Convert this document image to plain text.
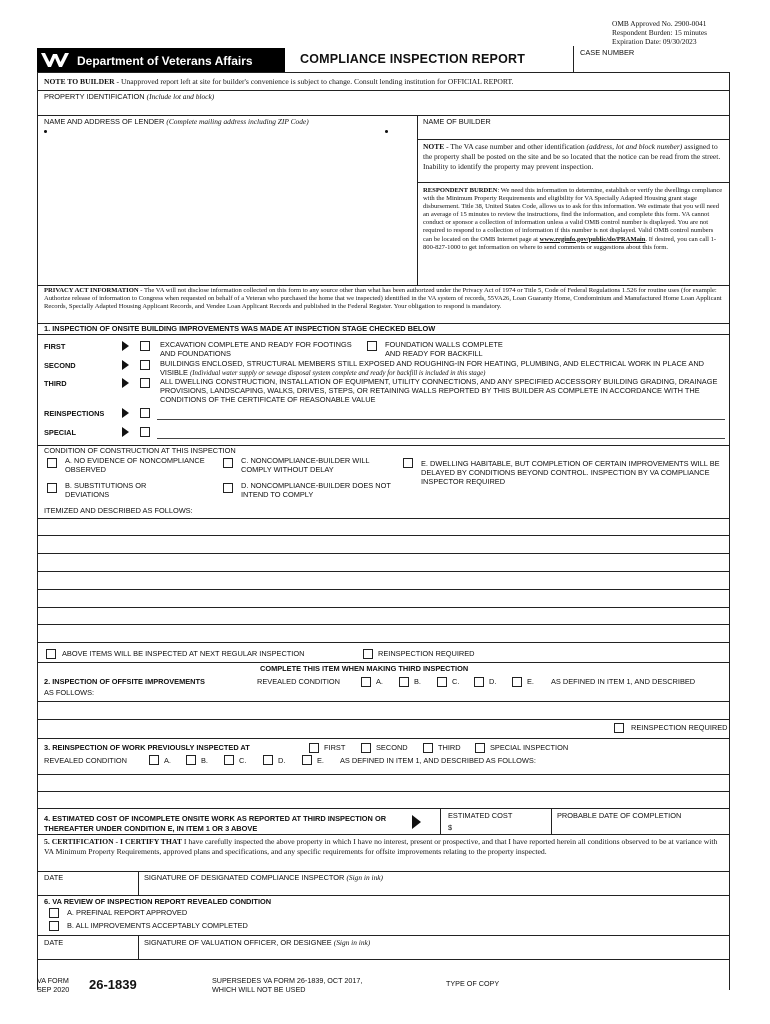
OMB Approved No. 2900-0041
Respondent Burden: 15 minutes
Expiration Date: 09/30/2023
Department of Veterans Affairs	COMPLIANCE INSPECTION REPORT	CASE NUMBER
NOTE TO BUILDER - Unapproved report left at site for builder's convenience is subject to change. Consult lending institution for OFFICIAL REPORT.
PROPERTY IDENTIFICATION (Include lot and block)
NAME AND ADDRESS OF LENDER (Complete mailing address including ZIP Code)	NAME OF BUILDER
NOTE - The VA case number and other identification (address, lot and block number) assigned to the property shall be posted on the site and be so located that the notice can be read from the street. Inability to identify the property may prevent inspection.
RESPONDENT BURDEN: We need this information to determine, establish or verify the dwellings compliance with the Minimum Property Requirements and eligibility for VA Specially Adapted Housing grant stage disbursement. Title 38, United States Code, allows us to ask for this information. We estimate that you will need an average of 15 minutes to review the instructions, find the information, and complete this form. VA cannot conduct or sponsor a collection of information unless a valid OMB control number is displayed. You are not required to respond to a collection of information if this number is not displayed. Valid OMB control numbers can be located on the OMB Internet page at www.reginfo.gov/public/do/PRAMain. If desired, you can call 1-800-827-1000 to get information on where to send comments or suggestions about this form.
PRIVACY ACT INFORMATION - The VA will not disclose information collected on this form to any source other than what has been authorized under the Privacy Act of 1974 or Title 5, Code of Federal Regulations 1.526 for routine uses (for example: Authorize release of information to Congress when requested on behalf of a Veteran who purchased the home that we inspected) identified in the VA system of records, 55VA26, Loan Guaranty Home, Condominium and Manufactured Home Loan Applicant Records, Specially Adapted Housing Applicant Records, and Vendee Loan Applicant Records and published in the Federal Register. Your obligation to respond is mandatory.
1. INSPECTION OF ONSITE BUILDING IMPROVEMENTS WAS MADE AT INSPECTION STAGE CHECKED BELOW
FIRST	EXCAVATION COMPLETE AND READY FOR FOOTINGS AND FOUNDATIONS
FOUNDATION WALLS COMPLETE AND READY FOR BACKFILL
SECOND	BUILDINGS ENCLOSED, STRUCTURAL MEMBERS STILL EXPOSED AND ROUGHING-IN FOR HEATING, PLUMBING, AND ELECTRICAL WORK IN PLACE AND VISIBLE (Individual water supply or sewage disposal system complete and ready for backfill is included in this stage)
THIRD	ALL DWELLING CONSTRUCTION, INSTALLATION OF EQUIPMENT, UTILITY CONNECTIONS, AND ANY SPECIFIED ACCESSORY BUILDING GRADING, DRAINAGE PROVISIONS, LANDSCAPING, WALKS, DRIVES, STEPS, OR RETAINING WALLS REPORTED BY THIS BUILDER AS COMPLETE IN ACCORDANCE WITH THE CONDITIONS OF THE CERTIFICATE OF REASONABLE VALUE
REINSPECTIONS
SPECIAL
CONDITION OF CONSTRUCTION AT THIS INSPECTION
A. NO EVIDENCE OF NONCOMPLIANCE OBSERVED
C. NONCOMPLIANCE-BUILDER WILL COMPLY WITHOUT DELAY
E. DWELLING HABITABLE, BUT COMPLETION OF CERTAIN IMPROVEMENTS WILL BE DELAYED BY CONDITIONS BEYOND CONTROL. INSPECTION BY VA COMPLIANCE INSPECTOR REQUIRED
B. SUBSTITUTIONS OR DEVIATIONS
D. NONCOMPLIANCE-BUILDER DOES NOT INTEND TO COMPLY
ITEMIZED AND DESCRIBED AS FOLLOWS:
ABOVE ITEMS WILL BE INSPECTED AT NEXT REGULAR INSPECTION	REINSPECTION REQUIRED
COMPLETE THIS ITEM WHEN MAKING THIRD INSPECTION
2. INSPECTION OF OFFSITE IMPROVEMENTS	REVEALED CONDITION	A.	B.	C.	D.	E. AS DEFINED IN ITEM 1, AND DESCRIBED
AS FOLLOWS:
REINSPECTION REQUIRED
3. REINSPECTION OF WORK PREVIOUSLY INSPECTED AT	FIRST	SECOND	THIRD	SPECIAL INSPECTION
REVEALED CONDITION	A.	B.	C.	D.	E. AS DEFINED IN ITEM 1, AND DESCRIBED AS FOLLOWS:
4. ESTIMATED COST OF INCOMPLETE ONSITE WORK AS REPORTED AT THIRD INSPECTION OR THEREAFTER UNDER CONDITION E, IN ITEM 1 OR 3 ABOVE
ESTIMATED COST
$
PROBABLE DATE OF COMPLETION
5. CERTIFICATION - I CERTIFY THAT I have carefully inspected the above property in which I have no interest, present or prospective, and that I have reported herein all conditions observed to be at variance with VA Minimum Property Requirements, approved plans and specifications, and any specific requirements for offsite improvements relating to the property inspected.
DATE	SIGNATURE OF DESIGNATED COMPLIANCE INSPECTOR (Sign in ink)
6. VA REVIEW OF INSPECTION REPORT REVEALED CONDITION
A. PREFINAL REPORT APPROVED
B. ALL IMPROVEMENTS ACCEPTABLY COMPLETED
DATE	SIGNATURE OF VALUATION OFFICER, OR DESIGNEE (Sign in ink)
VA FORM
SEP 2020 26-1839	SUPERSEDES VA FORM 26-1839, OCT 2017,
WHICH WILL NOT BE USED
TYPE OF COPY
